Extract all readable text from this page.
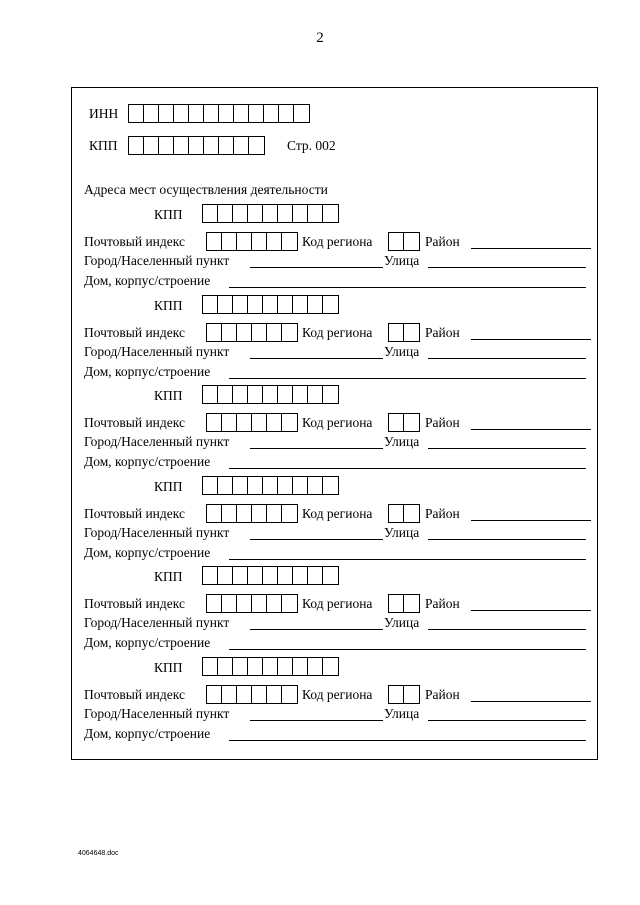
2
ИНН
КПП	Стр. 002
Адреса мест осуществления деятельности
КПП
Почтовый индекс	Код региона	Район
Город/Населенный пункт	Улица
Дом, корпус/строение
КПП
Почтовый индекс	Код региона	Район
Город/Населенный пункт	Улица
Дом, корпус/строение
КПП
Почтовый индекс	Код региона	Район
Город/Населенный пункт	Улица
Дом, корпус/строение
КПП
Почтовый индекс	Код региона	Район
Город/Населенный пункт	Улица
Дом, корпус/строение
КПП
Почтовый индекс	Код региона	Район
Город/Населенный пункт	Улица
Дом, корпус/строение
КПП
Почтовый индекс	Код региона	Район
Город/Населенный пункт	Улица
Дом, корпус/строение
4064648.doc
